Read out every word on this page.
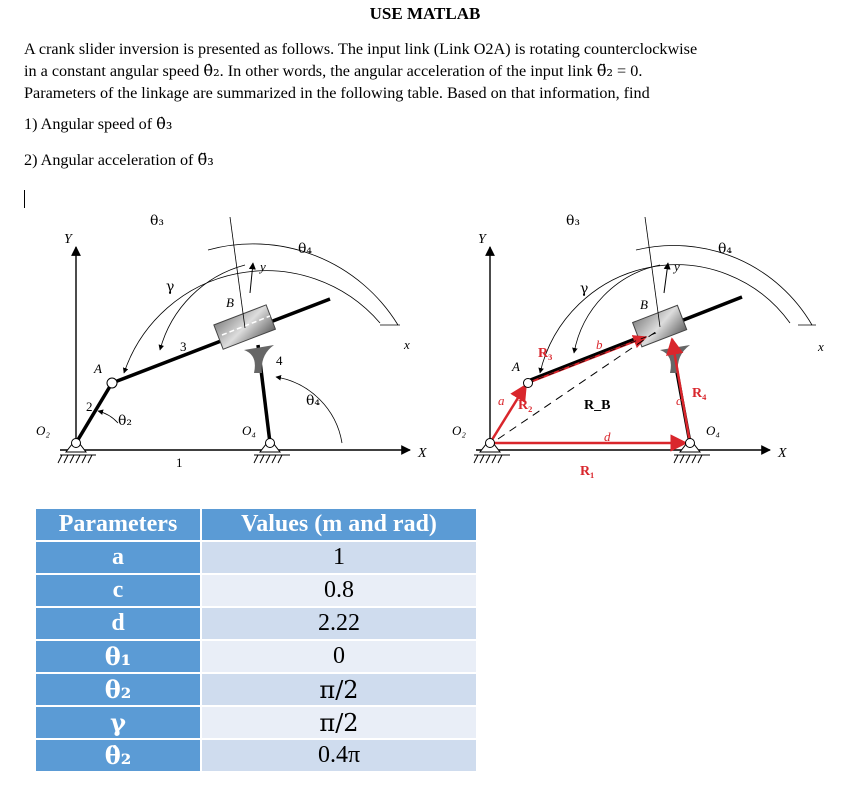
USE MATLAB
A crank slider inversion is presented as follows. The input link (Link O2A) is rotating counterclockwise
in a constant angular speed θ̇₂. In other words, the angular acceleration of the input link θ̈₂ = 0.
Parameters of the linkage are summarized in the following table. Based on that information, find
1) Angular speed of θ̇₃
2) Angular acceleration of θ̈₃
Y
X
x
y
θ₃
θ₄
θ₄
θ₂
γ
A
B
O₂	O₄
1
2
3
4
Y
X
x
y
θ₃
θ₄
γ
A
B
O₂	O₄
a
b
c
d
R₁
R₂
R₃
R₄
R_B
Parameters	Values (m and rad)
a	1
c	0.8
d	2.22
θ₁	0
θ₂	π/2
γ	π/2
θ̇₂	0.4π
